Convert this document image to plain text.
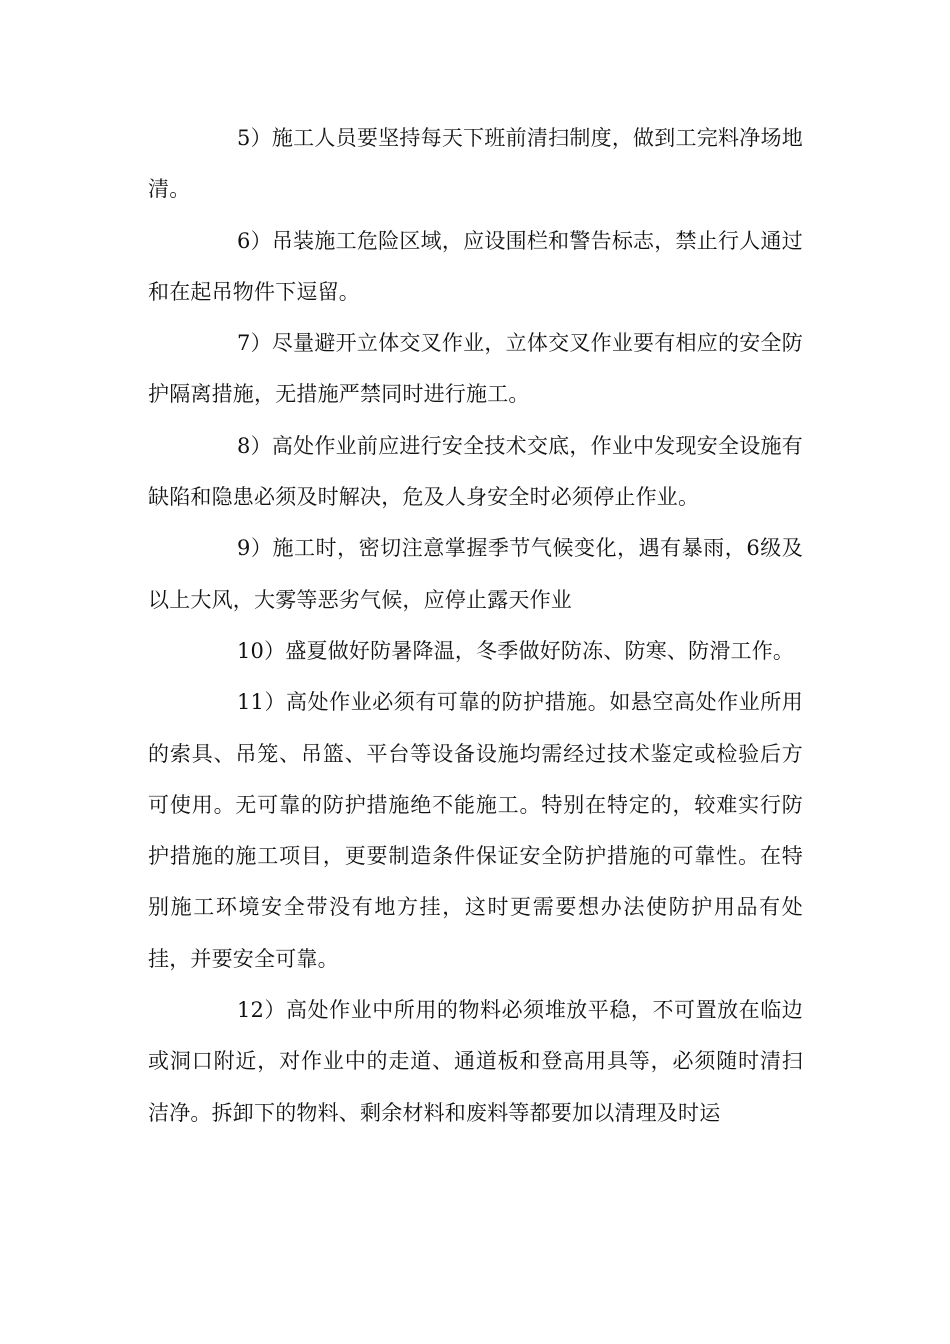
5）施工人员要坚持每天下班前清扫制度，做到工完料净场地清。

6）吊装施工危险区域，应设围栏和警告标志，禁止行人通过和在起吊物件下逗留。

7）尽量避开立体交叉作业，立体交叉作业要有相应的安全防护隔离措施，无措施严禁同时进行施工。

8）高处作业前应进行安全技术交底，作业中发现安全设施有缺陷和隐患必须及时解决，危及人身安全时必须停止作业。

9）施工时，密切注意掌握季节气候变化，遇有暴雨，6级及以上大风，大雾等恶劣气候，应停止露天作业

10）盛夏做好防暑降温，冬季做好防冻、防寒、防滑工作。

11）高处作业必须有可靠的防护措施。如悬空高处作业所用的索具、吊笼、吊篮、平台等设备设施均需经过技术鉴定或检验后方可使用。无可靠的防护措施绝不能施工。特别在特定的，较难实行防护措施的施工项目，更要制造条件保证安全防护措施的可靠性。在特别施工环境安全带没有地方挂，这时更需要想办法使防护用品有处挂，并要安全可靠。

12）高处作业中所用的物料必须堆放平稳，不可置放在临边或洞口附近，对作业中的走道、通道板和登高用具等，必须随时清扫洁净。拆卸下的物料、剩余材料和废料等都要加以清理及时运
